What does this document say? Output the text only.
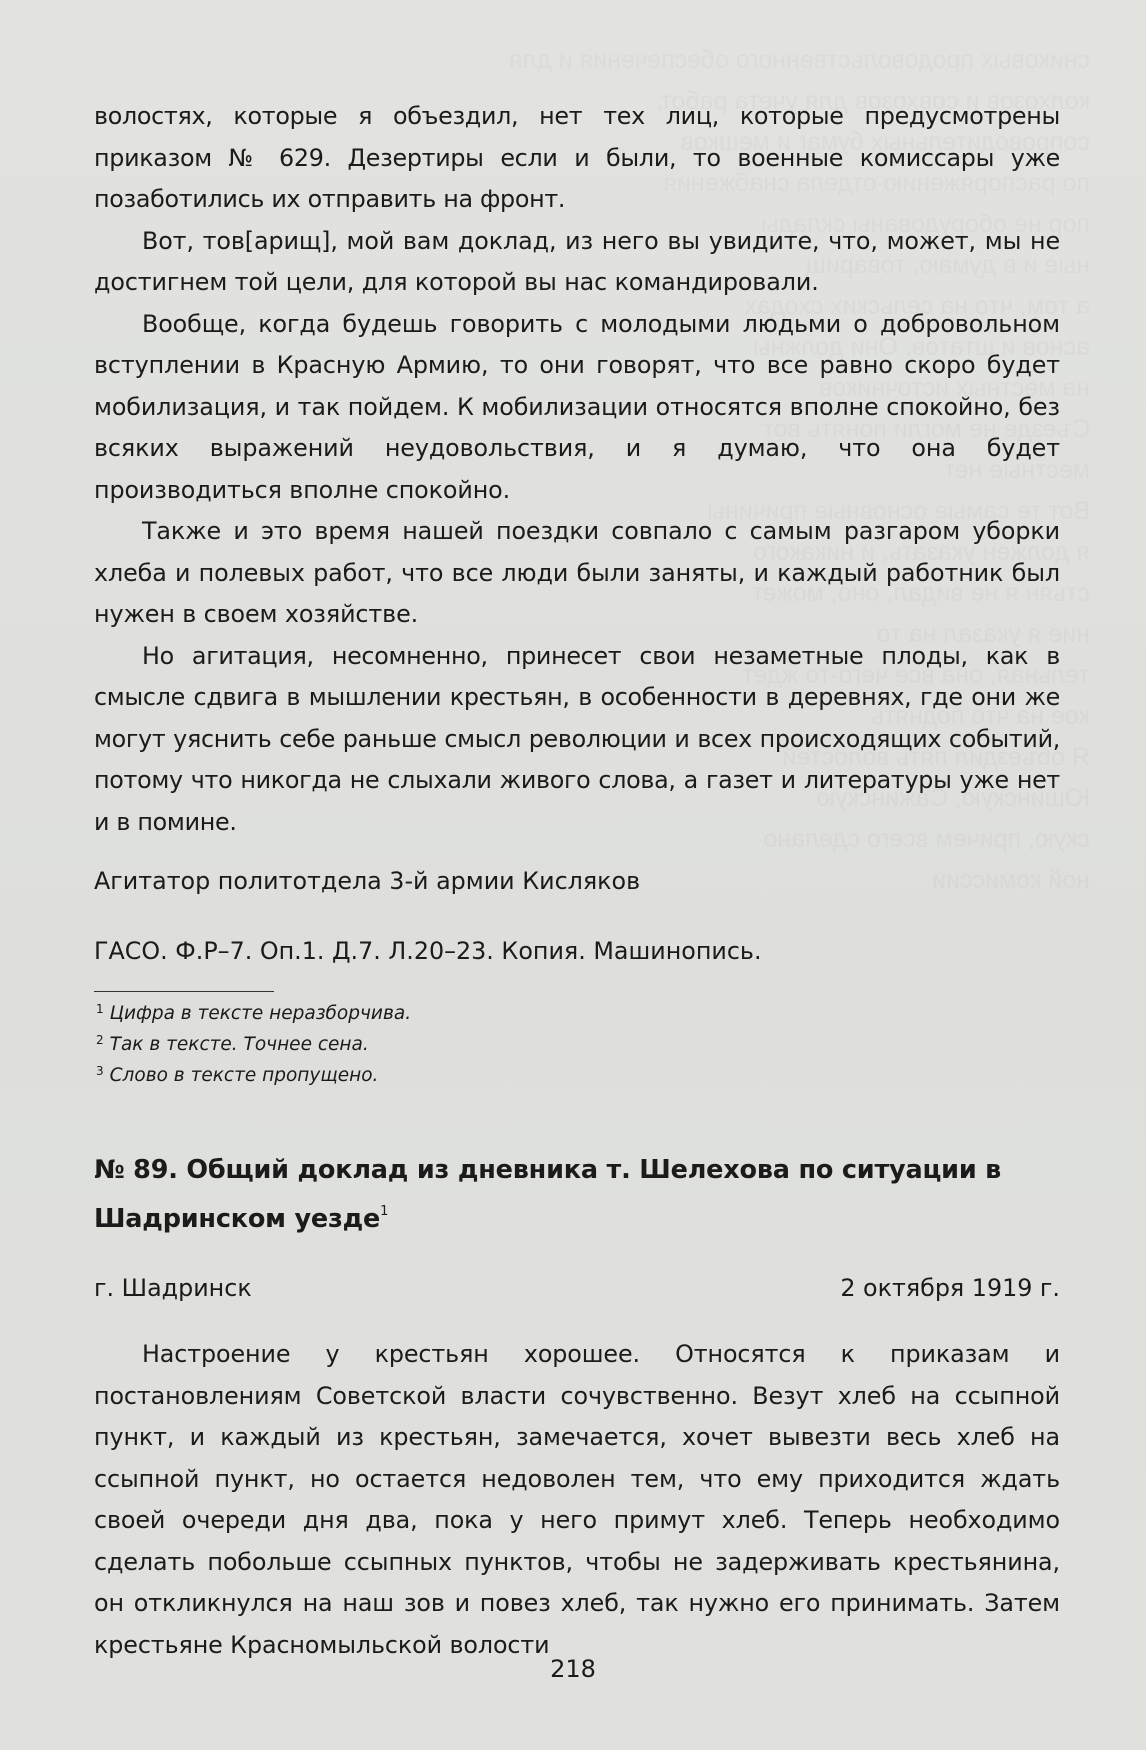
волостях, которые я объездил, нет тех лиц, которые предусмотрены приказом № 629. Дезертиры если и были, то военные комиссары уже позаботились их отправить на фронт.

Вот, тов[арищ], мой вам доклад, из него вы увидите, что, может, мы не достигнем той цели, для которой вы нас командировали.

Вообще, когда будешь говорить с молодыми людьми о добровольном вступлении в Красную Армию, то они говорят, что все равно скоро будет мобилизация, и так пойдем. К мобилизации относятся вполне спокойно, без всяких выражений неудовольствия, и я думаю, что она будет производиться вполне спокойно.

Также и это время нашей поездки совпало с самым разгаром уборки хлеба и полевых работ, что все люди были заняты, и каждый работник был нужен в своем хозяйстве.

Но агитация, несомненно, принесет свои незаметные плоды, как в смысле сдвига в мышлении крестьян, в особенности в деревнях, где они же могут уяснить себе раньше смысл революции и всех происходящих событий, потому что никогда не слыхали живого слова, а газет и литературы уже нет и в помине.

Агитатор политотдела 3-й армии Кисляков
ГАСО. Ф.Р–7. Оп.1. Д.7. Л.20–23. Копия. Машинопись.
$^1$ Цифра в тексте неразборчива.
$^2$ Так в тексте. Точнее сена.
$^3$ Слово в тексте пропущено.
№ 89. Общий доклад из дневника т. Шелехова по ситуации в Шадринском уезде$^1$
г. Шадринск	2 октября 1919 г.

Настроение у крестьян хорошее. Относятся к приказам и постановлениям Советской власти сочувственно. Везут хлеб на ссыпной пункт, и каждый из крестьян, замечается, хочет вывезти весь хлеб на ссыпной пункт, но остается недоволен тем, что ему приходится ждать своей очереди дня два, пока у него примут хлеб. Теперь необходимо сделать побольше ссыпных пунктов, чтобы не задерживать крестьянина, он откликнулся на наш зов и повез хлеб, так нужно его принимать. Затем крестьяне Красномыльской волости

218
